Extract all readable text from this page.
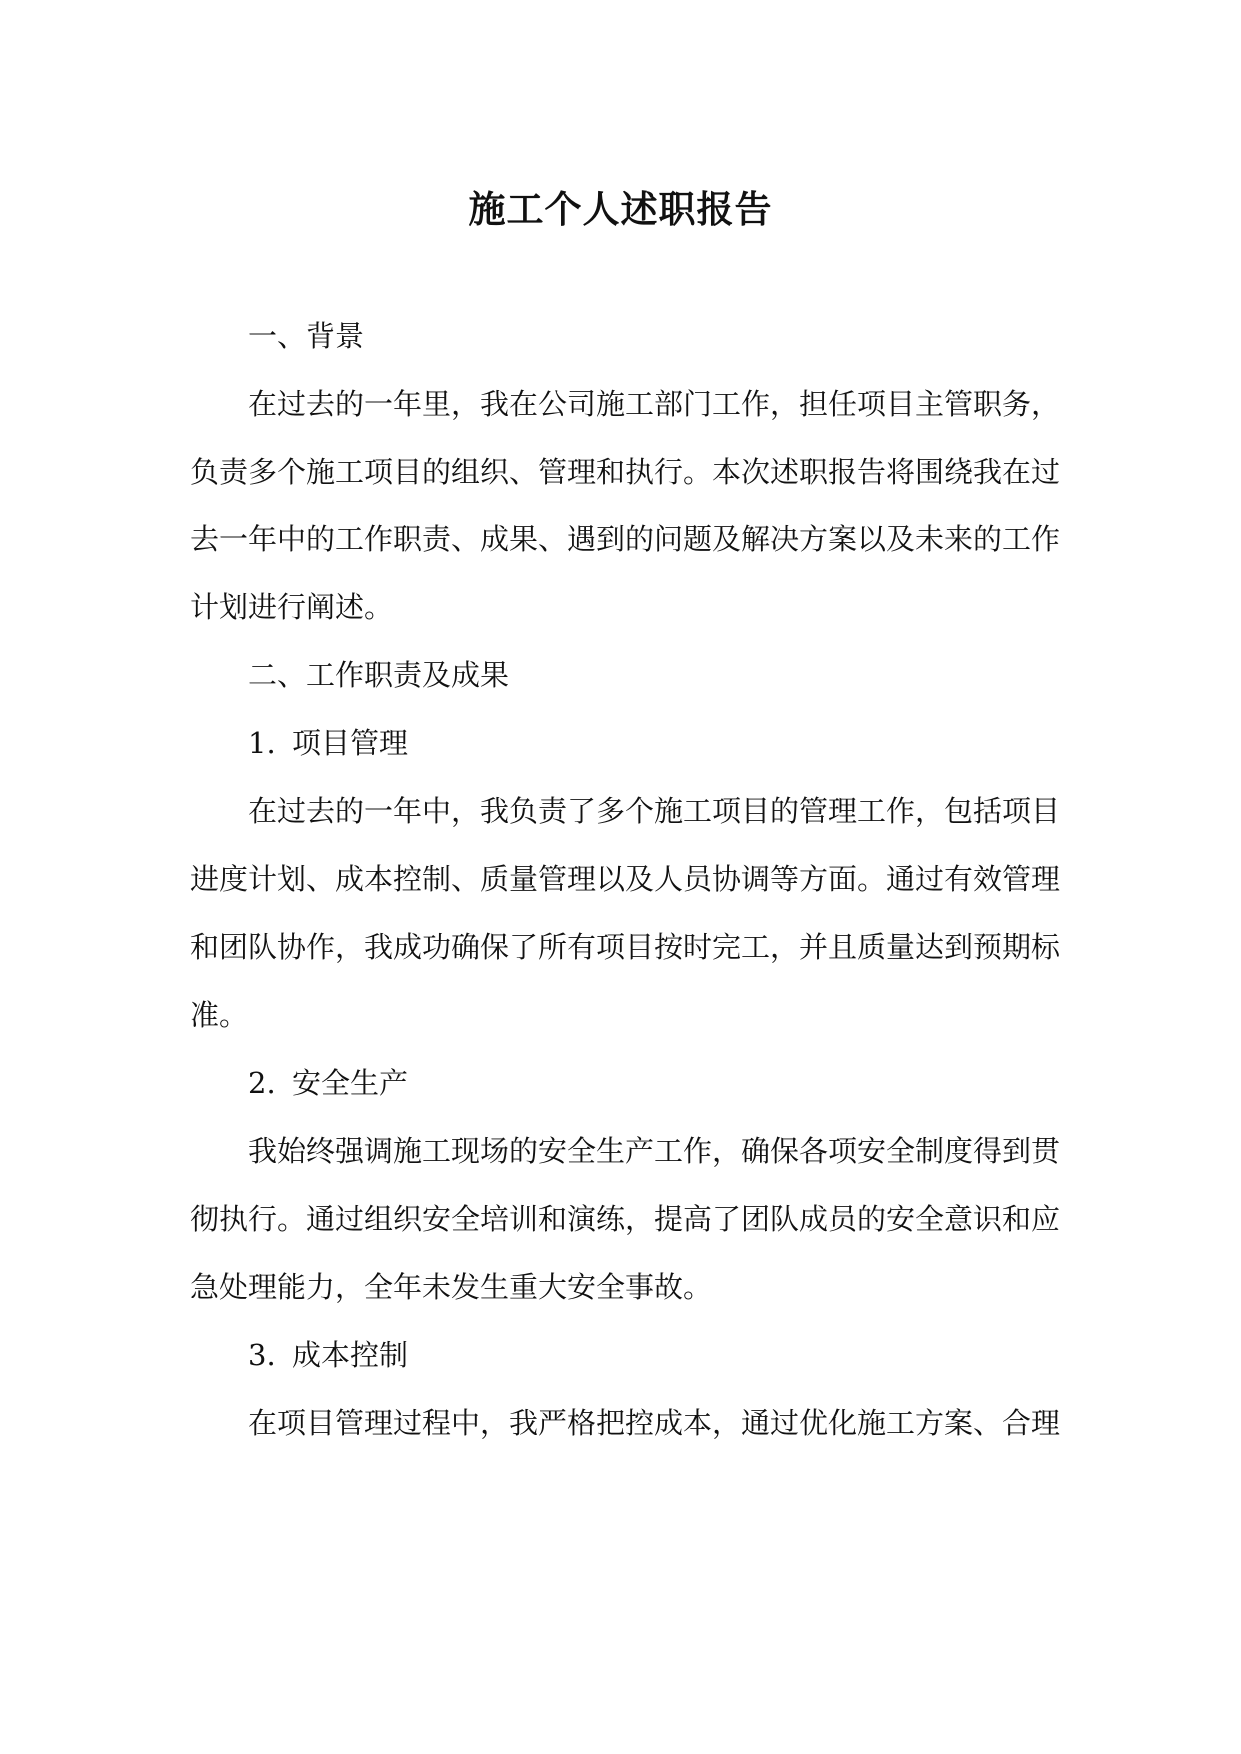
施工个人述职报告
一、背景
在过去的一年里，我在公司施工部门工作，担任项目主管职务，
负责多个施工项目的组织、管理和执行。本次述职报告将围绕我在过
去一年中的工作职责、成果、遇到的问题及解决方案以及未来的工作
计划进行阐述。
二、工作职责及成果
1. 项目管理
在过去的一年中，我负责了多个施工项目的管理工作，包括项目
进度计划、成本控制、质量管理以及人员协调等方面。通过有效管理
和团队协作，我成功确保了所有项目按时完工，并且质量达到预期标
准。
2. 安全生产
我始终强调施工现场的安全生产工作，确保各项安全制度得到贯
彻执行。通过组织安全培训和演练，提高了团队成员的安全意识和应
急处理能力，全年未发生重大安全事故。
3. 成本控制
在项目管理过程中，我严格把控成本，通过优化施工方案、合理
